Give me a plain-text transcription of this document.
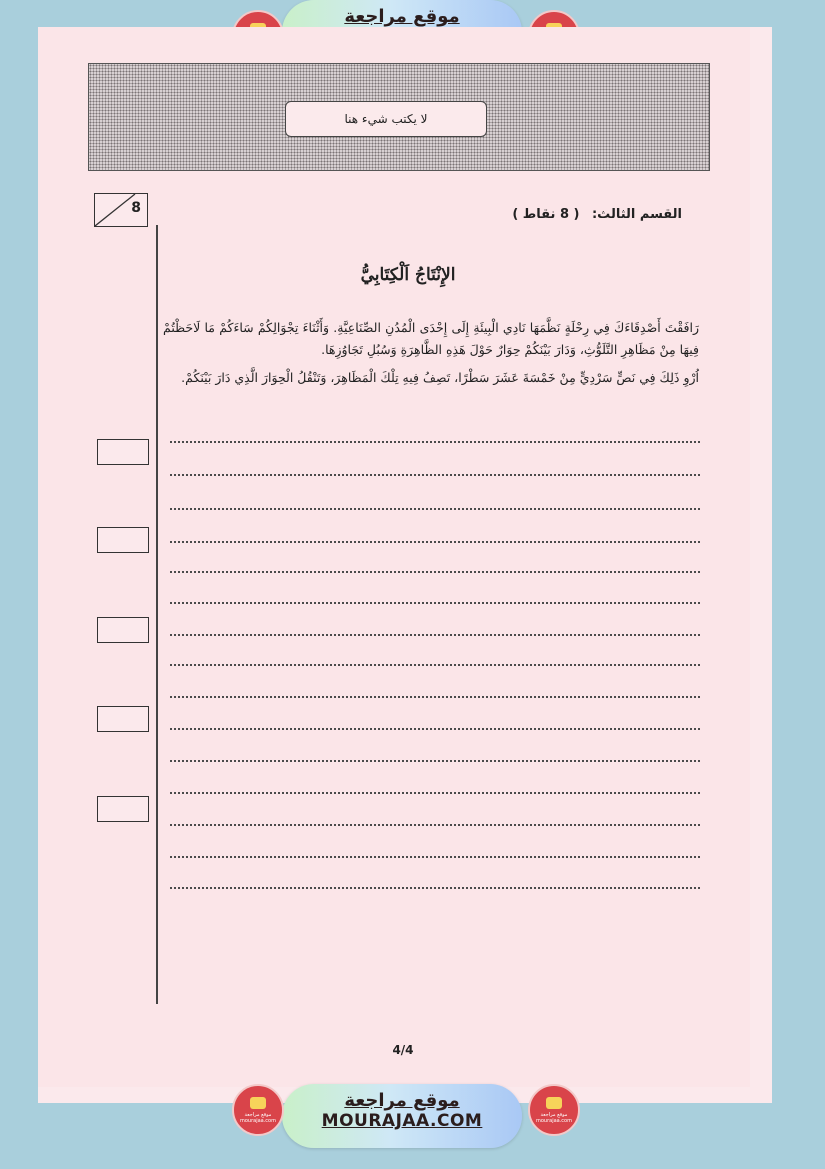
موقع مراجعة
لا يكتب شيء هنا
8	القسم الثالث: ( 8 نقاط )
الإِنْتَاجُ اَلْكِتَابِيُّ
رَافَقْتَ أَصْدِقَاءَكَ فِي رِحْلَةٍ نَظَّمَهَا نَادِي الْبِيئَةِ إِلَى إِحْدَى الْمُدُنِ الصِّنَاعِيَّةِ. وَأَثْنَاءَ تِجْوَالِكُمْ سَاءَكُمْ مَا لَاحَظْتُمْ فِيهَا مِنْ مَظَاهِرِ التَّلَوُّثِ، وَدَارَ بَيْنَكُمْ حِوَارٌ حَوْلَ هَذِهِ الظَّاهِرَةِ وَسُبُلِ تَجَاوُزِهَا.
اُرْوِ ذَلِكَ فِي نَصٍّ سَرْدِيٍّ مِنْ خَمْسَةَ عَشَرَ سَطْرًا، تَصِفُ فِيهِ تِلْكَ الْمَظَاهِرَ، وَتَنْقُلُ الْحِوَارَ الَّذِي دَارَ بَيْنَكُمْ.
4/4
موقع مراجعة
MOURAJAA.COM
موقع مراجعة mourajaa.com
موقع مراجعة mourajaa.com
